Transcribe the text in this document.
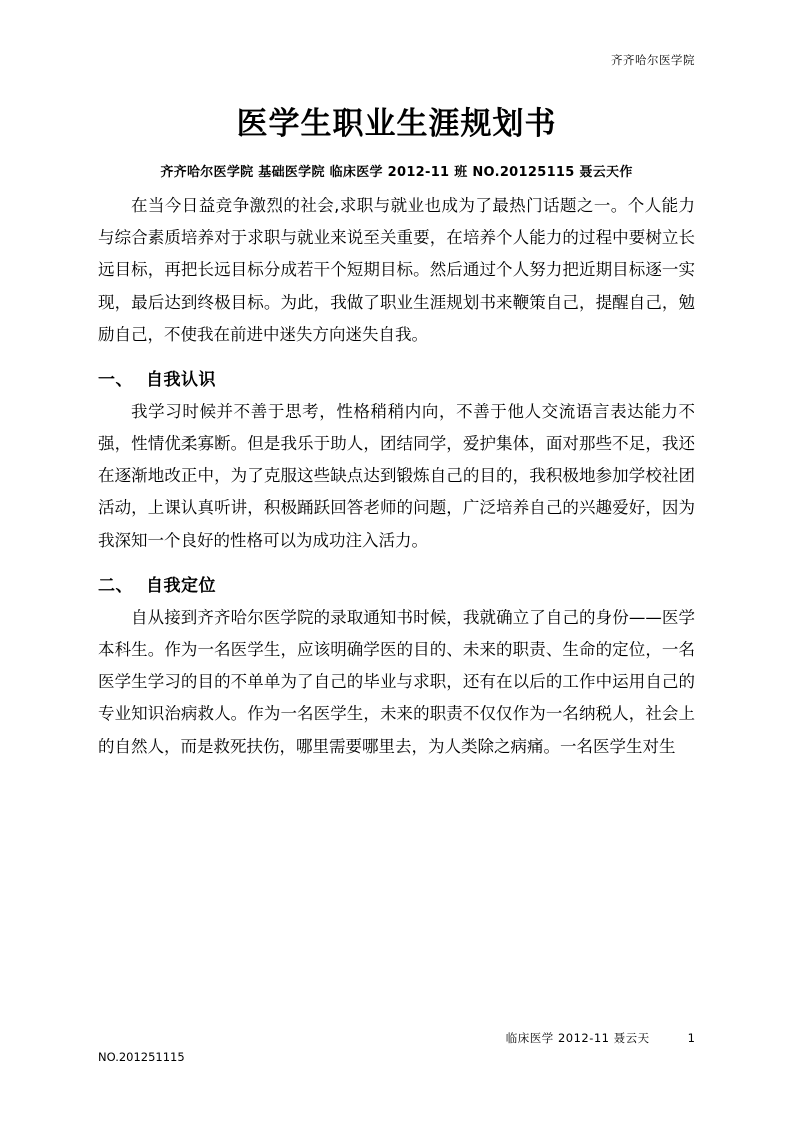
齐齐哈尔医学院
医学生职业生涯规划书
齐齐哈尔医学院 基础医学院 临床医学 2012-11 班 NO.20125115 聂云天作

在当今日益竞争激烈的社会,求职与就业也成为了最热门话题之一。个人能力与综合素质培养对于求职与就业来说至关重要，在培养个人能力的过程中要树立长远目标，再把长远目标分成若干个短期目标。然后通过个人努力把近期目标逐一实现，最后达到终极目标。为此，我做了职业生涯规划书来鞭策自己，提醒自己，勉励自己，不使我在前进中迷失方向迷失自我。

一、 自我认识

我学习时候并不善于思考，性格稍稍内向，不善于他人交流语言表达能力不强，性情优柔寡断。但是我乐于助人，团结同学，爱护集体，面对那些不足，我还在逐渐地改正中，为了克服这些缺点达到锻炼自己的目的，我积极地参加学校社团活动，上课认真听讲，积极踊跃回答老师的问题，广泛培养自己的兴趣爱好，因为我深知一个良好的性格可以为成功注入活力。

二、 自我定位

自从接到齐齐哈尔医学院的录取通知书时候，我就确立了自己的身份——医学本科生。作为一名医学生，应该明确学医的目的、未来的职责、生命的定位，一名医学生学习的目的不单单为了自己的毕业与求职，还有在以后的工作中运用自己的专业知识治病救人。作为一名医学生，未来的职责不仅仅作为一名纳税人，社会上的自然人，而是救死扶伤，哪里需要哪里去，为人类除之病痛。一名医学生对生

临床医学 2012-11 聂云天	1
NO.201251115
